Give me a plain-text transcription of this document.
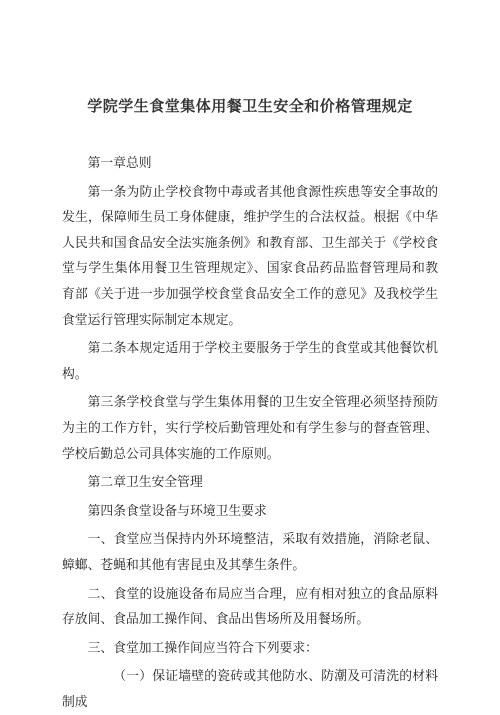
学院学生食堂集体用餐卫生安全和价格管理规定

第一章总则

第一条为防止学校食物中毒或者其他食源性疾患等安全事故的发生，保障师生员工身体健康，维护学生的合法权益。根据《中华人民共和国食品安全法实施条例》和教育部、卫生部关于《学校食堂与学生集体用餐卫生管理规定》、国家食品药品监督管理局和教育部《关于进一步加强学校食堂食品安全工作的意见》及我校学生食堂运行管理实际制定本规定。

第二条本规定适用于学校主要服务于学生的食堂或其他餐饮机构。

第三条学校食堂与学生集体用餐的卫生安全管理必须坚持预防为主的工作方针，实行学校后勤管理处和有学生参与的督查管理、学校后勤总公司具体实施的工作原则。

第二章卫生安全管理

第四条食堂设备与环境卫生要求

一、食堂应当保持内外环境整洁，采取有效措施，消除老鼠、蟑螂、苍蝇和其他有害昆虫及其孳生条件。

二、食堂的设施设备布局应当合理，应有相对独立的食品原料存放间、食品加工操作间、食品出售场所及用餐场所。

三、食堂加工操作间应当符合下列要求：

（一）保证墙壁的瓷砖或其他防水、防潮及可清洗的材料制成
